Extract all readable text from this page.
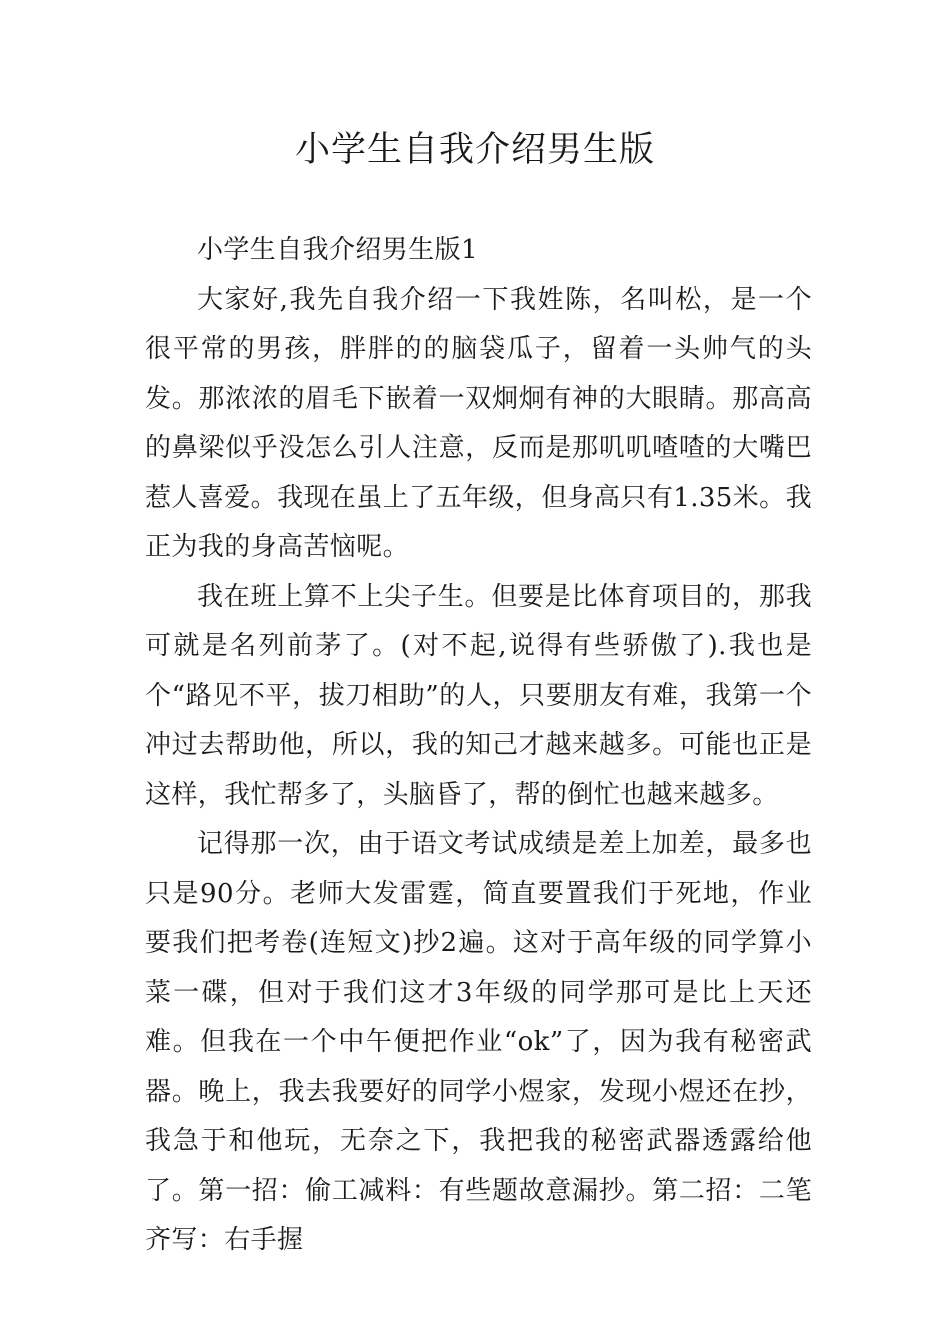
小学生自我介绍男生版

小学生自我介绍男生版1

大家好,我先自我介绍一下我姓陈，名叫松，是一个很平常的男孩，胖胖的的脑袋瓜子，留着一头帅气的头发。那浓浓的眉毛下嵌着一双炯炯有神的大眼睛。那高高的鼻梁似乎没怎么引人注意，反而是那叽叽喳喳的大嘴巴惹人喜爱。我现在虽上了五年级，但身高只有1.35米。我正为我的身高苦恼呢。

我在班上算不上尖子生。但要是比体育项目的，那我可就是名列前茅了。(对不起,说得有些骄傲了).我也是个“路见不平，拔刀相助”的人，只要朋友有难，我第一个冲过去帮助他，所以，我的知己才越来越多。可能也正是这样，我忙帮多了，头脑昏了，帮的倒忙也越来越多。

记得那一次，由于语文考试成绩是差上加差，最多也只是90分。老师大发雷霆，简直要置我们于死地，作业要我们把考卷(连短文)抄2遍。这对于高年级的同学算小菜一碟，但对于我们这才3年级的同学那可是比上天还难。但我在一个中午便把作业“ok”了，因为我有秘密武器。晚上，我去我要好的同学小煜家，发现小煜还在抄，我急于和他玩，无奈之下，我把我的秘密武器透露给他了。第一招：偷工减料：有些题故意漏抄。第二招：二笔齐写：右手握
